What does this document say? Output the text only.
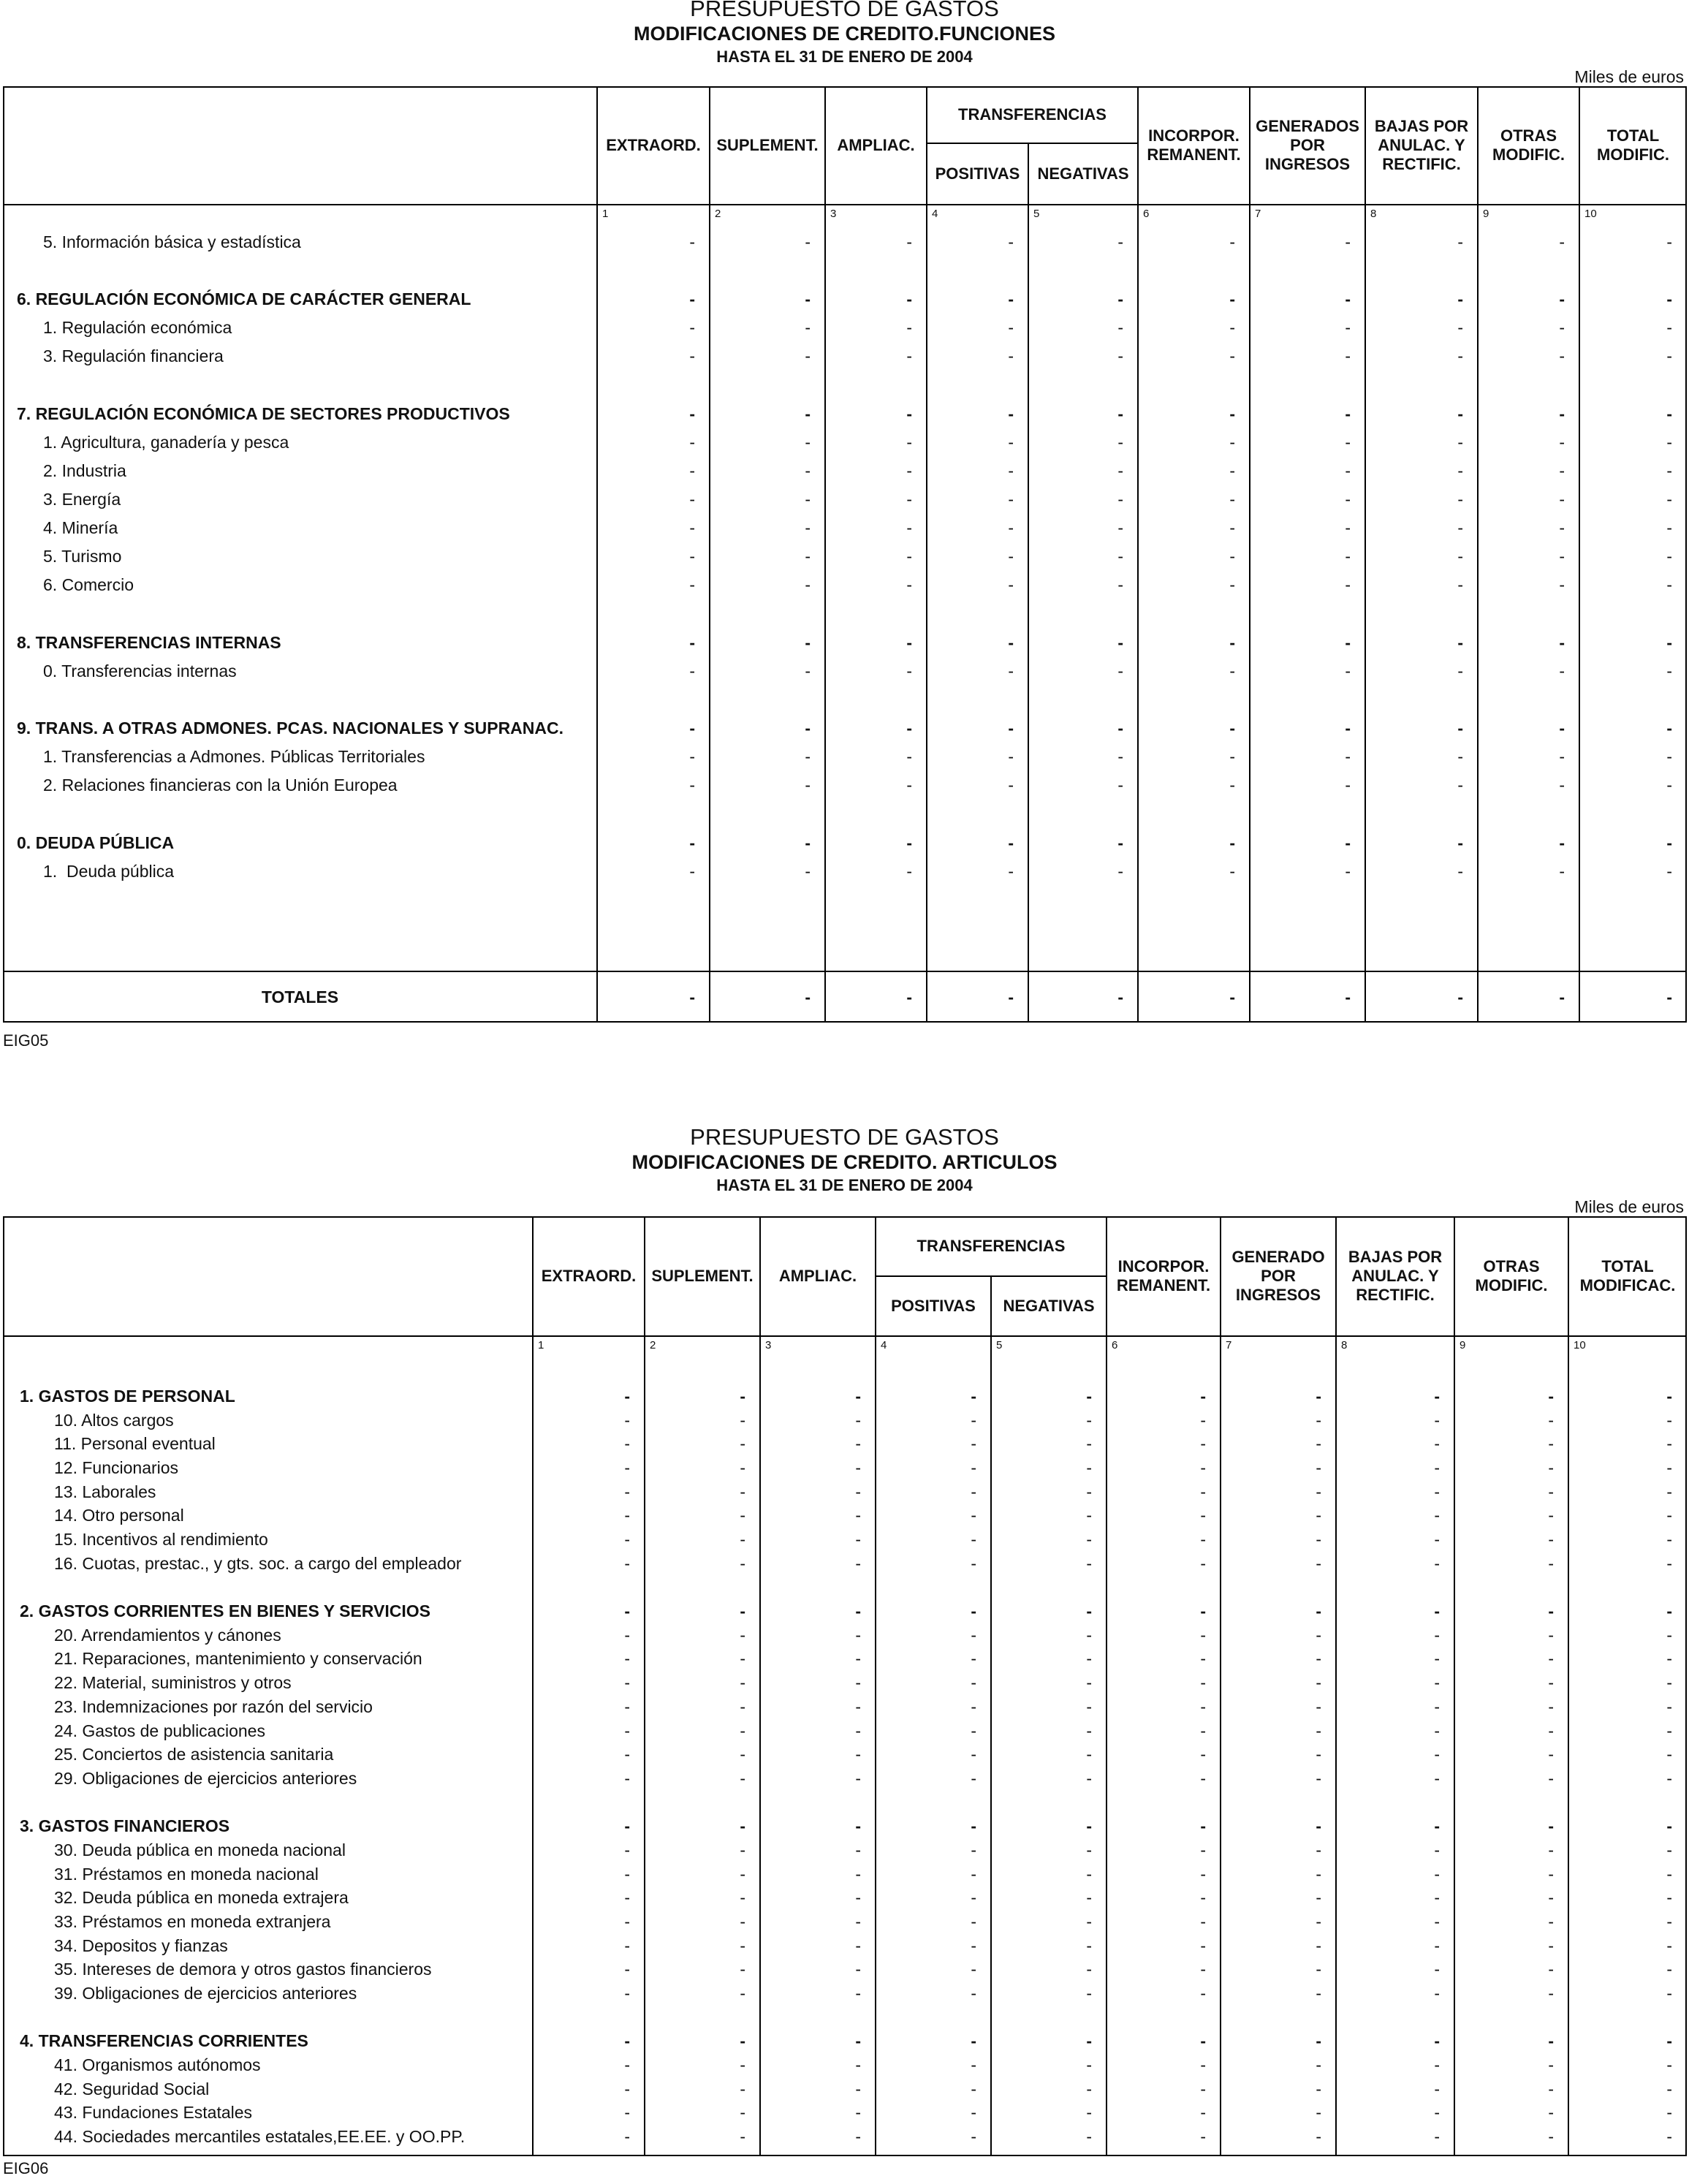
PRESUPUESTO DE GASTOS
MODIFICACIONES DE CREDITO.FUNCIONES
HASTA EL 31 DE ENERO DE 2004
Miles de euros
EIG05
PRESUPUESTO DE GASTOS
MODIFICACIONES DE CREDITO. ARTICULOS
HASTA EL 31 DE ENERO DE 2004
Miles de euros
EIG06
TRANSFERENCIAS
EXTRAORD. SUPLEMENT. AMPLIAC.
POSITIVAS NEGATIVAS
INCORPOR.
REMANENT.
GENERADOS
POR
INGRESOS
BAJAS POR
ANULAC. Y
RECTIFIC.
OTRAS
MODIFIC.
TOTAL
MODIFIC.
1	2	3	4	5	6	7	8	9	10
5. Información básica y estadística	-	-	-	-	-	-	-	-	-	-
6. REGULACIÓN ECONÓMICA DE CARÁCTER GENERAL	-	-	-	-	-	-	-	-	-	-
1. Regulación económica	-	-	-	-	-	-	-	-	-	-
3. Regulación financiera	-	-	-	-	-	-	-	-	-	-
7. REGULACIÓN ECONÓMICA DE SECTORES PRODUCTIVOS	-	-	-	-	-	-	-	-	-	-
1. Agricultura, ganadería y pesca	-	-	-	-	-	-	-	-	-	-
2. Industria	-	-	-	-	-	-	-	-	-	-
3. Energía	-	-	-	-	-	-	-	-	-	-
4. Minería	-	-	-	-	-	-	-	-	-	-
5. Turismo	-	-	-	-	-	-	-	-	-	-
6. Comercio	-	-	-	-	-	-	-	-	-	-
8. TRANSFERENCIAS INTERNAS	-	-	-	-	-	-	-	-	-	-
0. Transferencias internas	-	-	-	-	-	-	-	-	-	-
9. TRANS. A OTRAS ADMONES. PCAS. NACIONALES Y SUPRANAC.	-	-	-	-	-	-	-	-	-	-
1. Transferencias a Admones. Públicas Territoriales	-	-	-	-	-	-	-	-	-	-
2. Relaciones financieras con la Unión Europea	-	-	-	-	-	-	-	-	-	-
0. DEUDA PÚBLICA	-	-	-	-	-	-	-	-	-	-
1.  Deuda pública	-	-	-	-	-	-	-	-	-	-
TOTALES	-	-	-	-	-	-	-	-	-	-
TRANSFERENCIAS
EXTRAORD. SUPLEMENT. AMPLIAC.
POSITIVAS NEGATIVAS
INCORPOR.
REMANENT.
GENERADO
POR
INGRESOS
BAJAS POR
ANULAC. Y
RECTIFIC.
OTRAS
MODIFIC.
TOTAL
MODIFICAC.
1	2	3	4	5	6	7	8	9	10
1. GASTOS DE PERSONAL	-	-	-	-	-	-	-	-	-	-
10. Altos cargos	-	-	-	-	-	-	-	-	-	-
11. Personal eventual	-	-	-	-	-	-	-	-	-	-
12. Funcionarios	-	-	-	-	-	-	-	-	-	-
13. Laborales	-	-	-	-	-	-	-	-	-	-
14. Otro personal	-	-	-	-	-	-	-	-	-	-
15. Incentivos al rendimiento	-	-	-	-	-	-	-	-	-	-
16. Cuotas, prestac., y gts. soc. a cargo del empleador	-	-	-	-	-	-	-	-	-	-
2. GASTOS CORRIENTES EN BIENES Y SERVICIOS	-	-	-	-	-	-	-	-	-	-
20. Arrendamientos y cánones	-	-	-	-	-	-	-	-	-	-
21. Reparaciones, mantenimiento y conservación	-	-	-	-	-	-	-	-	-	-
22. Material, suministros y otros	-	-	-	-	-	-	-	-	-	-
23. Indemnizaciones por razón del servicio	-	-	-	-	-	-	-	-	-	-
24. Gastos de publicaciones	-	-	-	-	-	-	-	-	-	-
25. Conciertos de asistencia sanitaria	-	-	-	-	-	-	-	-	-	-
29. Obligaciones de ejercicios anteriores	-	-	-	-	-	-	-	-	-	-
3. GASTOS FINANCIEROS	-	-	-	-	-	-	-	-	-	-
30. Deuda pública en moneda nacional	-	-	-	-	-	-	-	-	-	-
31. Préstamos en moneda nacional	-	-	-	-	-	-	-	-	-	-
32. Deuda pública en moneda extrajera	-	-	-	-	-	-	-	-	-	-
33. Préstamos en moneda extranjera	-	-	-	-	-	-	-	-	-	-
34. Depositos y fianzas	-	-	-	-	-	-	-	-	-	-
35. Intereses de demora y otros gastos financieros	-	-	-	-	-	-	-	-	-	-
39. Obligaciones de ejercicios anteriores	-	-	-	-	-	-	-	-	-	-
4. TRANSFERENCIAS CORRIENTES	-	-	-	-	-	-	-	-	-	-
41. Organismos autónomos	-	-	-	-	-	-	-	-	-	-
42. Seguridad Social	-	-	-	-	-	-	-	-	-	-
43. Fundaciones Estatales	-	-	-	-	-	-	-	-	-	-
44. Sociedades mercantiles estatales,EE.EE. y OO.PP.	-	-	-	-	-	-	-	-	-	-
